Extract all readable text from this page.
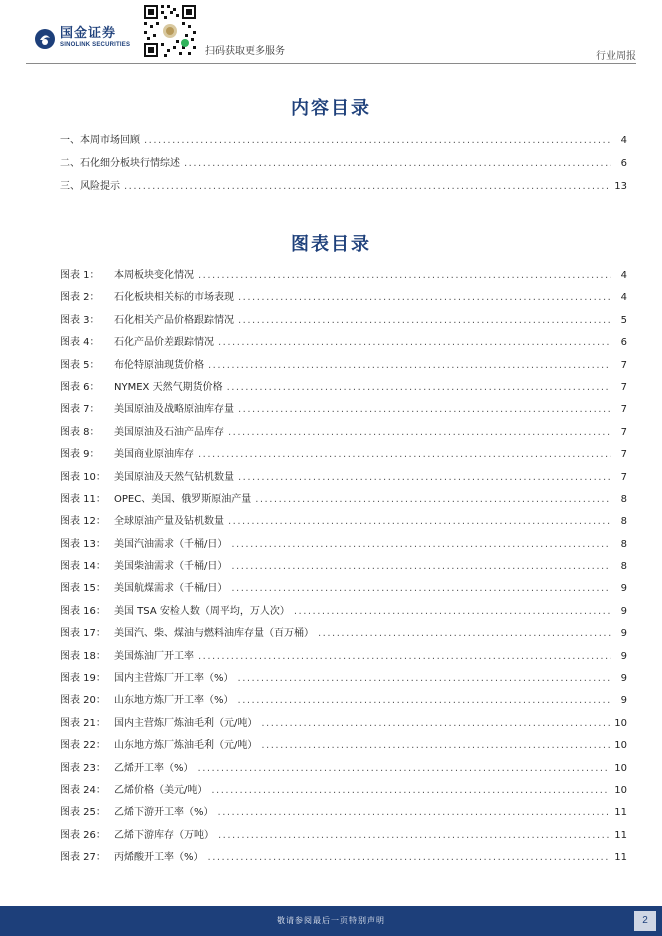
国金证券
SINOLINK SECURITIES
扫码获取更多服务	行业周报
内容目录
一、 本周市场回顾 .....	4
二、 石化细分板块行情综述 .....	6
三、 风险提示 .....	13
图表目录
图表 1：	本周板块变化情况 .....	4
图表 2：	石化板块相关标的市场表现 .....	4
图表 3：	石化相关产品价格跟踪情况 .....	5
图表 4：	石化产品价差跟踪情况 .....	6
图表 5：	布伦特原油现货价格 .....	7
图表 6：	NYMEX 天然气期货价格 .....	7
图表 7：	美国原油及战略原油库存量 .....	7
图表 8：	美国原油及石油产品库存 .....	7
图表 9：	美国商业原油库存 .....	7
图表 10： 美国原油及天然气钻机数量 .....	7
图表 11： OPEC、美国、俄罗斯原油产量 .....	8
图表 12： 全球原油产量及钻机数量 .....	8
图表 13： 美国汽油需求（千桶/日） .....	8
图表 14： 美国柴油需求（千桶/日） .....	8
图表 15： 美国航煤需求（千桶/日） .....	9
图表 16： 美国 TSA 安检人数（周平均，万人次） .....	9
图表 17： 美国汽、柴、煤油与燃料油库存量（百万桶） .....	9
图表 18： 美国炼油厂开工率 .....	9
图表 19： 国内主营炼厂开工率（%） .....	9
图表 20： 山东地方炼厂开工率（%） .....	9
图表 21： 国内主营炼厂炼油毛利（元/吨） .....	10
图表 22： 山东地方炼厂炼油毛利（元/吨） .....	10
图表 23： 乙烯开工率（%） .....	10
图表 24： 乙烯价格（美元/吨） .....	10
图表 25： 乙烯下游开工率（%） .....	11
图表 26： 乙烯下游库存（万吨） .....	11
图表 27： 丙烯酸开工率（%） .....	11
敬请参阅最后一页特别声明	2
